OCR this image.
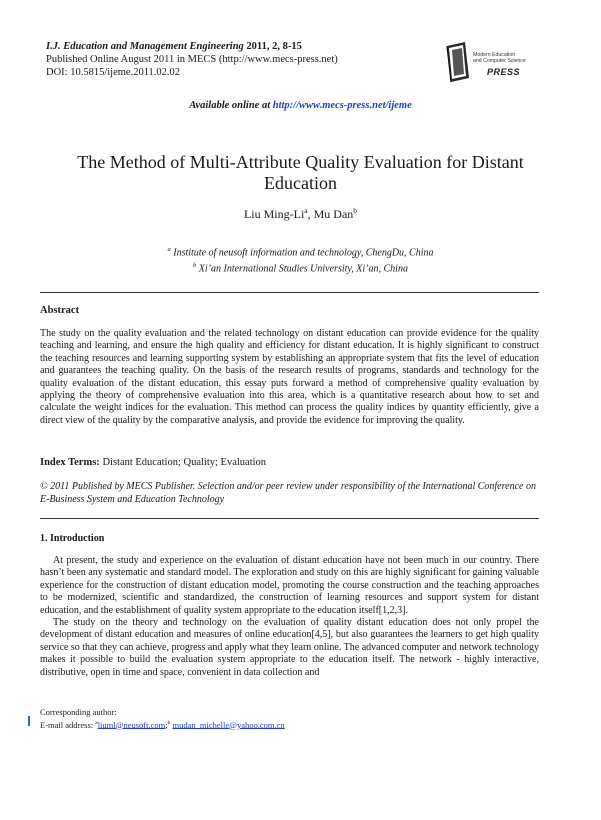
I.J. Education and Management Engineering 2011, 2, 8-15
Published Online August 2011 in MECS (http://www.mecs-press.net)
DOI: 10.5815/ijeme.2011.02.02
Modern Education
and Computer Science
PRESS
Available online at http://www.mecs-press.net/ijeme
The Method of Multi-Attribute Quality Evaluation for Distant Education
Liu Ming-Li$^a$, Mu Dan$^b$
$^a$ Institute of neusoft information and technology, ChengDu, China
$^b$ Xi’an International Studies University, Xi’an, China
Abstract
The study on the quality evaluation and the related technology on distant education can provide evidence for the quality teaching and learning, and ensure the high quality and efficiency for distant education. It is highly significant to construct the teaching resources and learning supporting system by establishing an appropriate system that fits the level of education and guarantees the teaching quality. On the basis of the research results of programs, standards and technology for the quality evaluation of the distant education, this essay puts forward a method of comprehensive quality evaluation by applying the theory of comprehensive evaluation into this area, which is a quantitative research about how to set and calculate the weight indices for the evaluation. This method can process the quality indices by quantity efficiently, give a direct view of the quality by the comparative analysis, and provide the evidence for improving the quality.
Index Terms: Distant Education; Quality; Evaluation
© 2011 Published by MECS Publisher. Selection and/or peer review under responsibility of the International Conference on E-Business System and Education Technology
1. Introduction

At present, the study and experience on the evaluation of distant education have not been much in our country. There hasn’t been any systematic and standard model. The exploration and study on this are highly significant for gaining valuable experience for the construction of distant education model, promoting the course construction and the teaching approaches to be modernized, scientific and standardized, the construction of learning resources and support system for distant education, and the establishment of quality system appropriate to the education itself[1,2,3].

The study on the theory and technology on the evaluation of quality distant education does not only propel the development of distant education and measures of online education[4,5], but also guarantees the learners to get high quality service so that they can achieve, progress and apply what they learn online. The advanced computer and network technology makes it possible to build the evaluation system appropriate to the education itself. The network - highly interactive, distributive, open in time and space, convenient in data collection and

Corresponding author:
E-mail address: $^a$liuml@neusoft.com;$^b$ mudan_michelle@yahoo.com.cn
